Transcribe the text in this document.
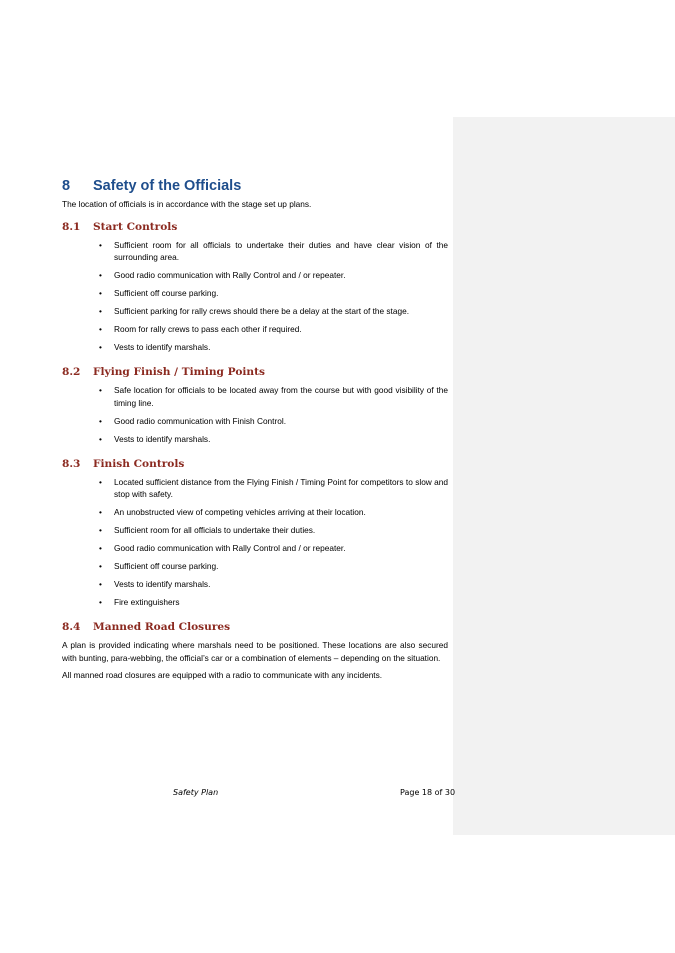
8	Safety of the Officials

The location of officials is in accordance with the stage set up plans.

8.1	Start Controls
• Sufficient room for all officials to undertake their duties and have clear vision of the surrounding area.
• Good radio communication with Rally Control and / or repeater.
• Sufficient off course parking.
• Sufficient parking for rally crews should there be a delay at the start of the stage.
• Room for rally crews to pass each other if required.
• Vests to identify marshals.
8.2	Flying Finish / Timing Points
• Safe location for officials to be located away from the course but with good visibility of the timing line.
• Good radio communication with Finish Control.
• Vests to identify marshals.
8.3	Finish Controls
• Located sufficient distance from the Flying Finish / Timing Point for competitors to slow and stop with safety.
• An unobstructed view of competing vehicles arriving at their location.
• Sufficient room for all officials to undertake their duties.
• Good radio communication with Rally Control and / or repeater.
• Sufficient off course parking.
• Vests to identify marshals.
• Fire extinguishers
8.4	Manned Road Closures

A plan is provided indicating where marshals need to be positioned. These locations are also secured with bunting, para-webbing, the official’s car or a combination of elements – depending on the situation.

All manned road closures are equipped with a radio to communicate with any incidents.

Safety Plan	Page 18 of 30
